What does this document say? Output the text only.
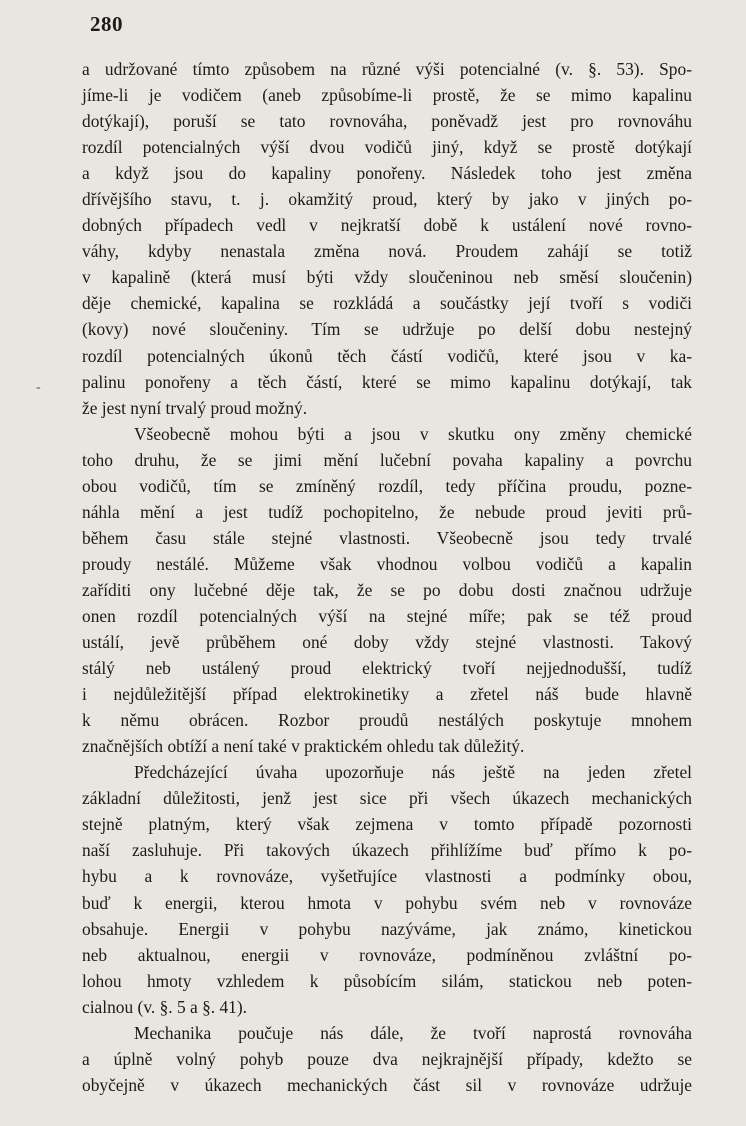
280
-
a udržované tímto způsobem na různé výši potencialné (v. §. 53). Spo-
jíme-li je vodičem (aneb způsobíme-li prostě, že se mimo kapalinu
dotýkají), poruší se tato rovnováha, poněvadž jest pro rovnováhu
rozdíl potencialných výší dvou vodičů jiný, když se prostě dotýkají
a když jsou do kapaliny ponořeny. Následek toho jest změna
dřívějšího stavu, t. j. okamžitý proud, který by jako v jiných po-
dobných případech vedl v nejkratší době k ustálení nové rovno-
váhy, kdyby nenastala změna nová. Proudem zahájí se totiž
v kapalině (která musí býti vždy sloučeninou neb směsí sloučenin)
děje chemické, kapalina se rozkládá a součástky její tvoří s vodiči
(kovy) nové sloučeniny. Tím se udržuje po delší dobu nestejný
rozdíl potencialných úkonů těch částí vodičů, které jsou v ka-
palinu ponořeny a těch částí, které se mimo kapalinu dotýkají, tak
že jest nyní trvalý proud možný.
Všeobecně mohou býti a jsou v skutku ony změny chemické
toho druhu, že se jimi mění lučební povaha kapaliny a povrchu
obou vodičů, tím se zmíněný rozdíl, tedy příčina proudu, pozne-
náhla mění a jest tudíž pochopitelno, že nebude proud jeviti prů-
během času stále stejné vlastnosti. Všeobecně jsou tedy trvalé
proudy nestálé. Můžeme však vhodnou volbou vodičů a kapalin
zaříditi ony lučebné děje tak, že se po dobu dosti značnou udržuje
onen rozdíl potencialných výší na stejné míře; pak se též proud
ustálí, jevě průběhem oné doby vždy stejné vlastnosti. Takový
stálý neb ustálený proud elektrický tvoří nejjednodušší, tudíž
i nejdůležitější případ elektrokinetiky a zřetel náš bude hlavně
k němu obrácen. Rozbor proudů nestálých poskytuje mnohem
značnějších obtíží a není také v praktickém ohledu tak důležitý.
Předcházející úvaha upozorňuje nás ještě na jeden zřetel
základní důležitosti, jenž jest sice při všech úkazech mechanických
stejně platným, který však zejmena v tomto případě pozornosti
naší zasluhuje. Při takových úkazech přihlížíme buď přímo k po-
hybu a k rovnováze, vyšetřujíce vlastnosti a podmínky obou,
buď k energii, kterou hmota v pohybu svém neb v rovnováze
obsahuje. Energii v pohybu nazýváme, jak známo, kinetickou
neb aktualnou, energii v rovnováze, podmíněnou zvláštní po-
lohou hmoty vzhledem k působícím silám, statickou neb poten-
cialnou (v. §. 5 a §. 41).
Mechanika poučuje nás dále, že tvoří naprostá rovnováha
a úplně volný pohyb pouze dva nejkrajnější případy, kdežto se
obyčejně v úkazech mechanických část sil v rovnováze udržuje
